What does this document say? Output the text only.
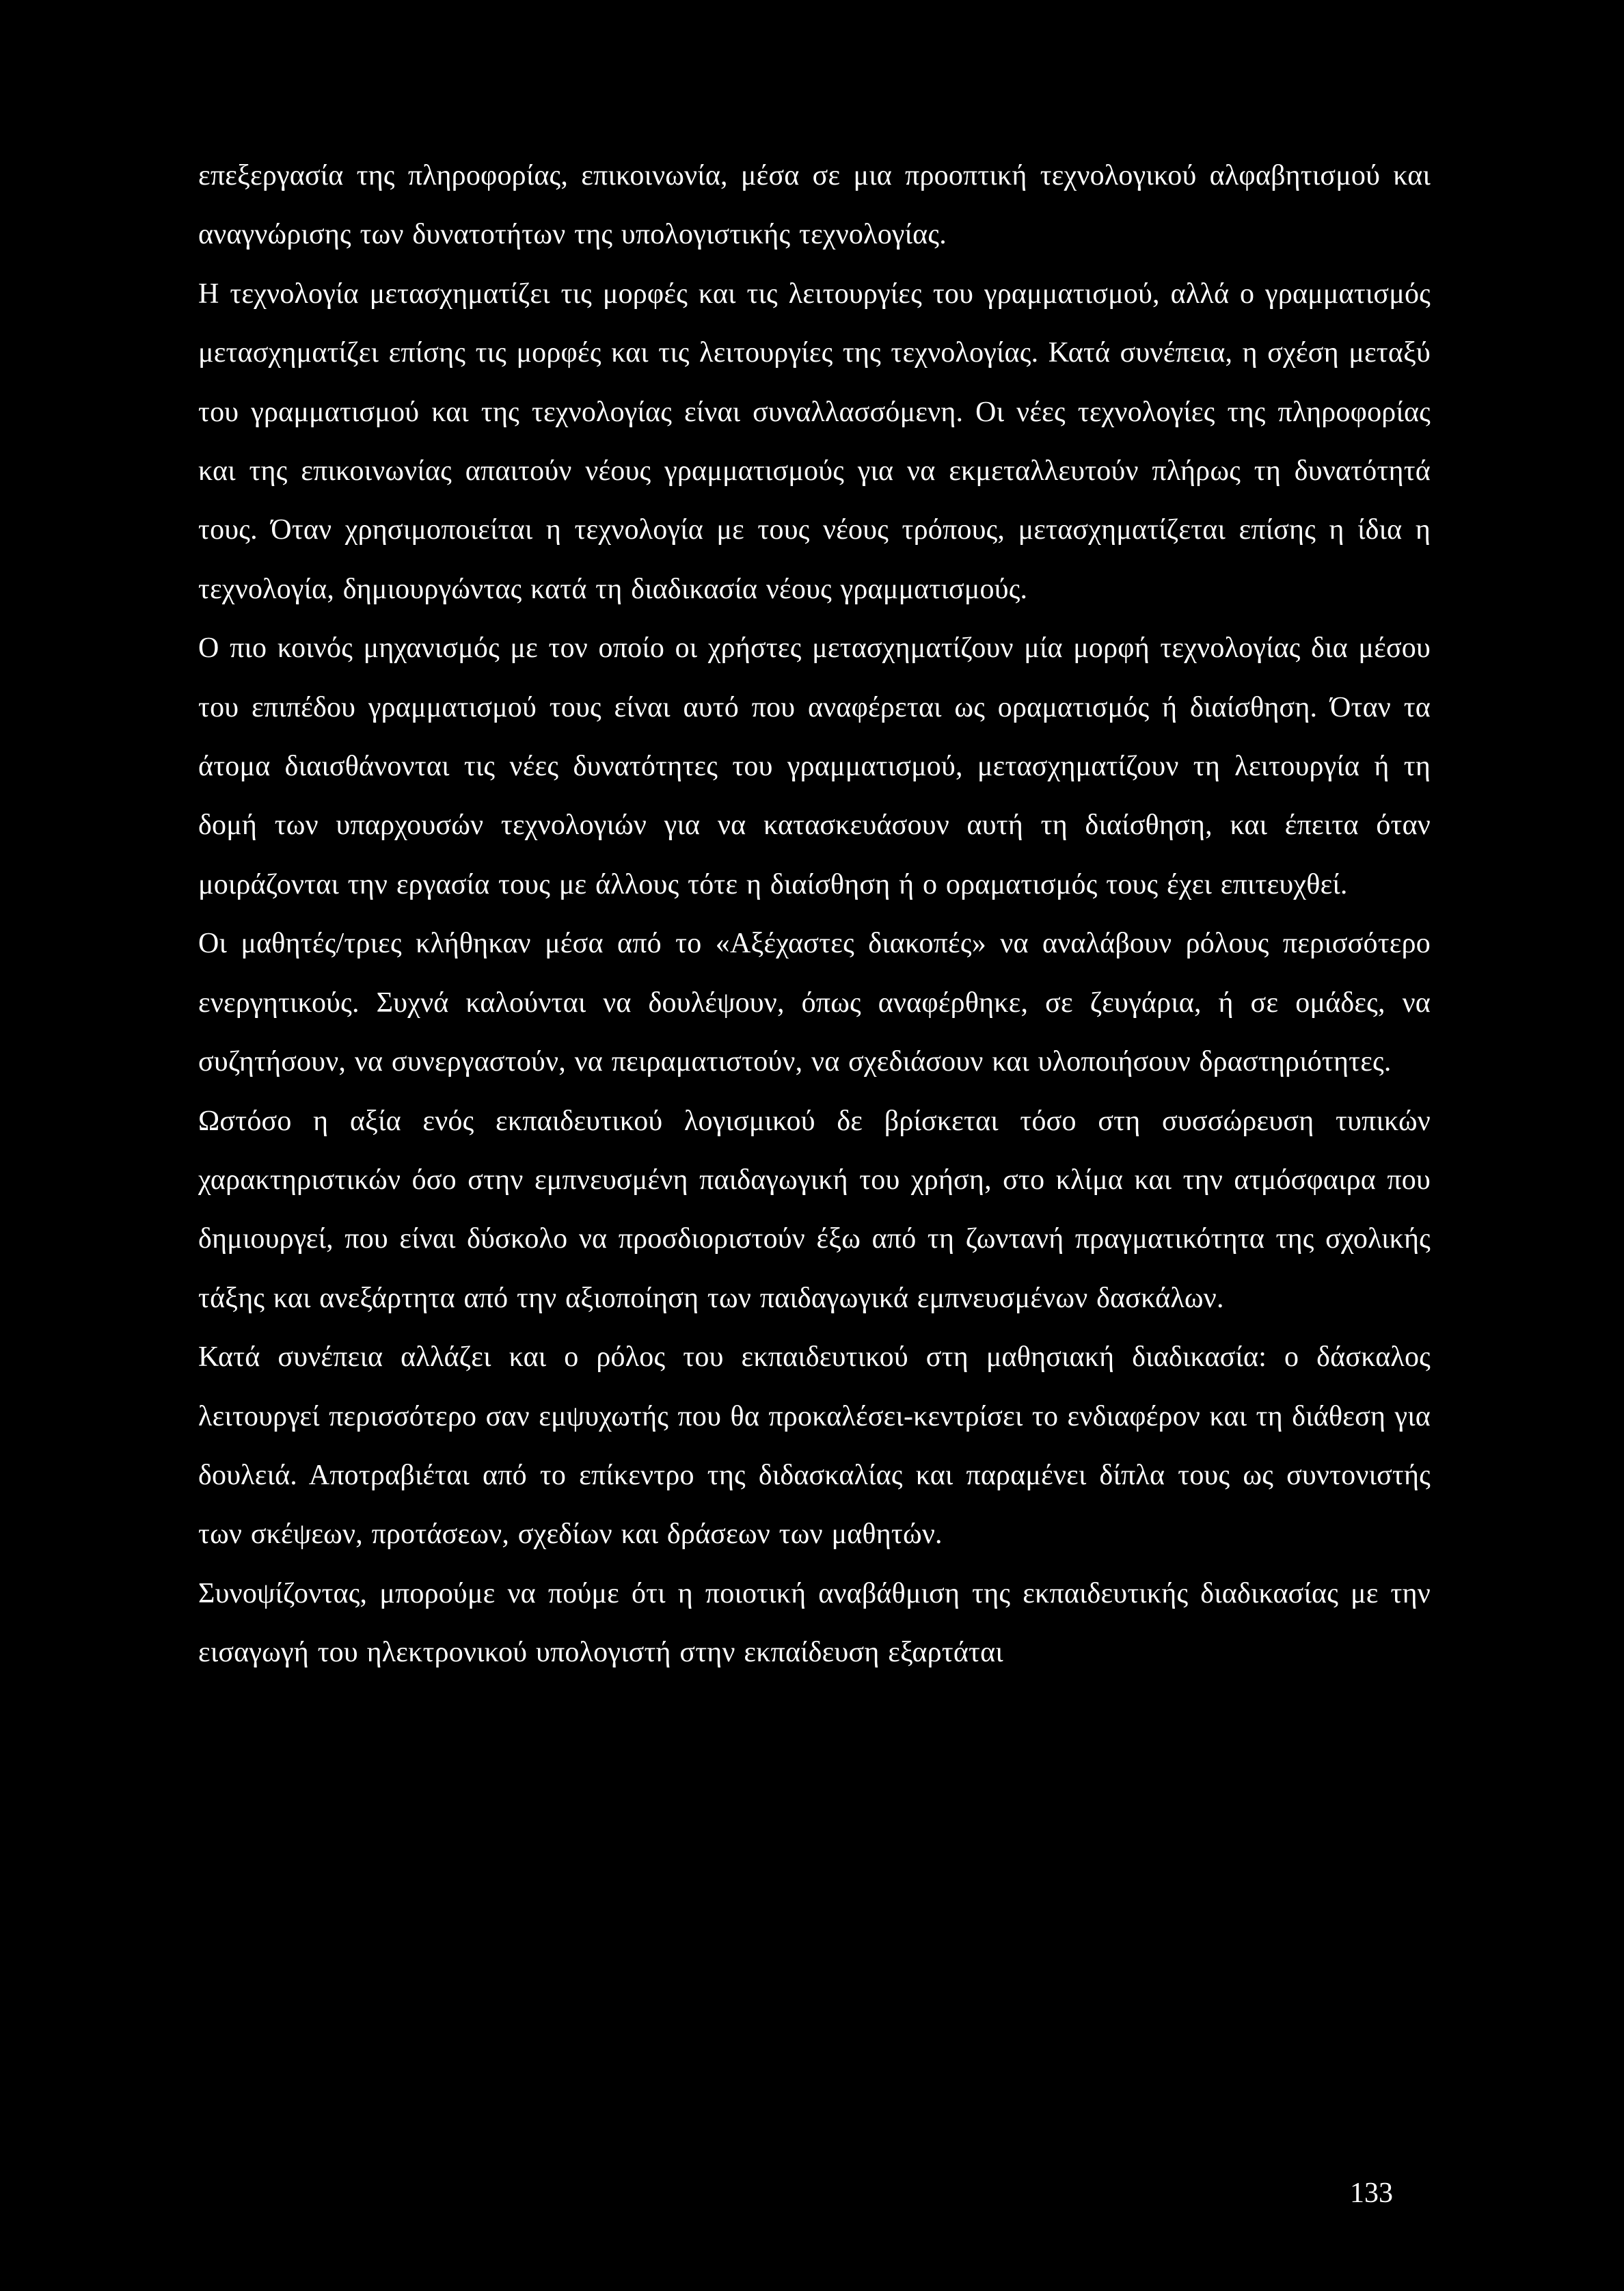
επεξεργασία της πληροφορίας, επικοινωνία, μέσα σε μια προοπτική τεχνολογικού αλφαβητισμού και αναγνώρισης των δυνατοτήτων της υπολογιστικής τεχνολογίας.

Η τεχνολογία μετασχηματίζει τις μορφές και τις λειτουργίες του γραμματισμού, αλλά ο γραμματισμός μετασχηματίζει επίσης τις μορφές και τις λειτουργίες της τεχνολογίας. Κατά συνέπεια, η σχέση μεταξύ του γραμματισμού και της τεχνολογίας είναι συναλλασσόμενη. Οι νέες τεχνολογίες της πληροφορίας και της επικοινωνίας απαιτούν νέους γραμματισμούς για να εκμεταλλευτούν πλήρως τη δυνατότητά τους. Όταν χρησιμοποιείται η τεχνολογία με τους νέους τρόπους, μετασχηματίζεται επίσης η ίδια η τεχνολογία, δημιουργώντας κατά τη διαδικασία νέους γραμματισμούς.

Ο πιο κοινός μηχανισμός με τον οποίο οι χρήστες μετασχηματίζουν μία μορφή τεχνολογίας δια μέσου του επιπέδου γραμματισμού τους είναι αυτό που αναφέρεται ως οραματισμός ή διαίσθηση. Όταν τα άτομα διαισθάνονται τις νέες δυνατότητες του γραμματισμού, μετασχηματίζουν τη λειτουργία ή τη δομή των υπαρχουσών τεχνολογιών για να κατασκευάσουν αυτή τη διαίσθηση, και έπειτα όταν μοιράζονται την εργασία τους με άλλους τότε η διαίσθηση ή ο οραματισμός τους έχει επιτευχθεί.

Οι μαθητές/τριες κλήθηκαν μέσα από το «Αξέχαστες διακοπές» να αναλάβουν ρόλους περισσότερο ενεργητικούς. Συχνά καλούνται να δουλέψουν, όπως αναφέρθηκε, σε ζευγάρια, ή σε ομάδες, να συζητήσουν, να συνεργαστούν, να πειραματιστούν, να σχεδιάσουν και υλοποιήσουν δραστηριότητες.

Ωστόσο η αξία ενός εκπαιδευτικού λογισμικού δε βρίσκεται τόσο στη συσσώρευση τυπικών χαρακτηριστικών όσο στην εμπνευσμένη παιδαγωγική του χρήση, στο κλίμα και την ατμόσφαιρα που δημιουργεί, που είναι δύσκολο να προσδιοριστούν έξω από τη ζωντανή πραγματικότητα της σχολικής τάξης και ανεξάρτητα από την αξιοποίηση των παιδαγωγικά εμπνευσμένων δασκάλων.

Κατά συνέπεια αλλάζει και ο ρόλος του εκπαιδευτικού στη μαθησιακή διαδικασία: ο δάσκαλος λειτουργεί περισσότερο σαν εμψυχωτής που θα προκαλέσει-κεντρίσει το ενδιαφέρον και τη διάθεση για δουλειά. Αποτραβιέται από το επίκεντρο της διδασκαλίας και παραμένει δίπλα τους ως συντονιστής των σκέψεων, προτάσεων, σχεδίων και δράσεων των μαθητών.

Συνοψίζοντας, μπορούμε να πούμε ότι η ποιοτική αναβάθμιση της εκπαιδευτικής διαδικασίας με την εισαγωγή του ηλεκτρονικού υπολογιστή στην εκπαίδευση εξαρτάται

133
